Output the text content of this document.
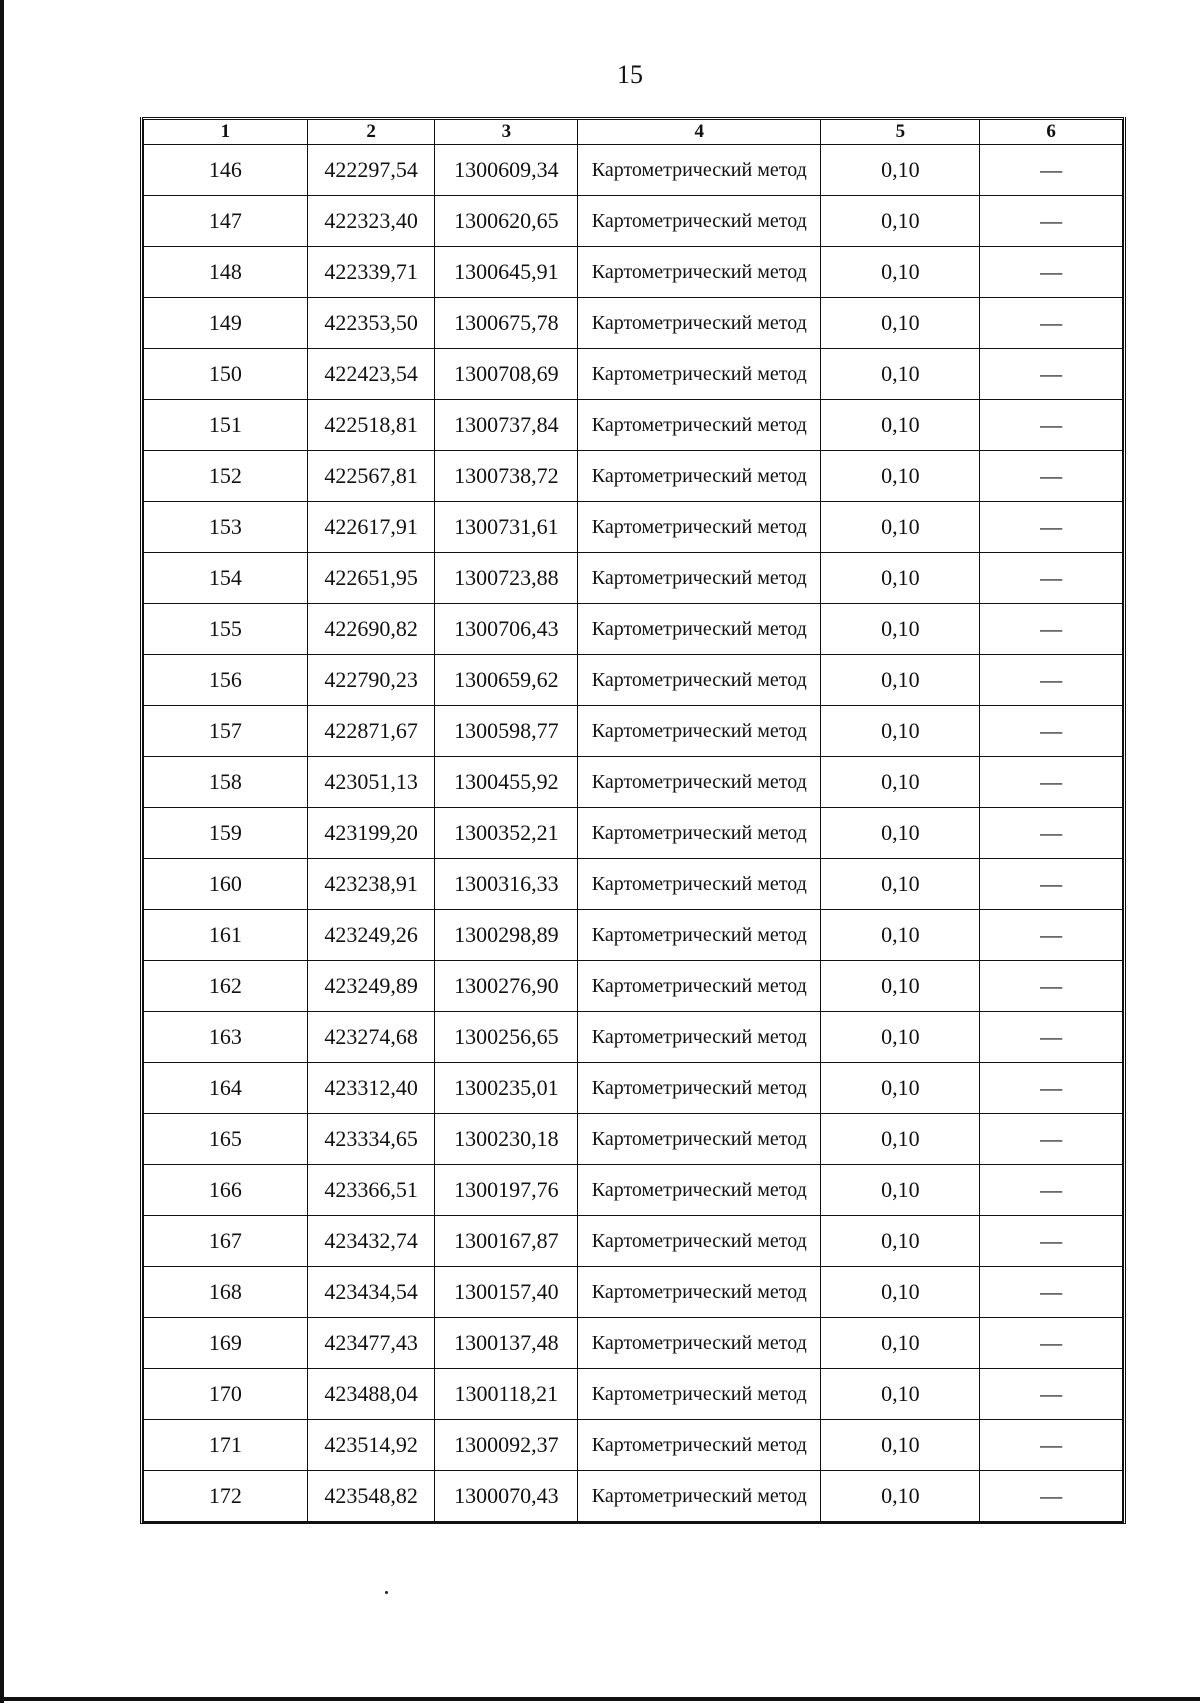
15
1	2	3	4	5	6
146	422297,54	1300609,34	Картометрический метод	0,10	—
147	422323,40	1300620,65	Картометрический метод	0,10	—
148	422339,71	1300645,91	Картометрический метод	0,10	—
149	422353,50	1300675,78	Картометрический метод	0,10	—
150	422423,54	1300708,69	Картометрический метод	0,10	—
151	422518,81	1300737,84	Картометрический метод	0,10	—
152	422567,81	1300738,72	Картометрический метод	0,10	—
153	422617,91	1300731,61	Картометрический метод	0,10	—
154	422651,95	1300723,88	Картометрический метод	0,10	—
155	422690,82	1300706,43	Картометрический метод	0,10	—
156	422790,23	1300659,62	Картометрический метод	0,10	—
157	422871,67	1300598,77	Картометрический метод	0,10	—
158	423051,13	1300455,92	Картометрический метод	0,10	—
159	423199,20	1300352,21	Картометрический метод	0,10	—
160	423238,91	1300316,33	Картометрический метод	0,10	—
161	423249,26	1300298,89	Картометрический метод	0,10	—
162	423249,89	1300276,90	Картометрический метод	0,10	—
163	423274,68	1300256,65	Картометрический метод	0,10	—
164	423312,40	1300235,01	Картометрический метод	0,10	—
165	423334,65	1300230,18	Картометрический метод	0,10	—
166	423366,51	1300197,76	Картометрический метод	0,10	—
167	423432,74	1300167,87	Картометрический метод	0,10	—
168	423434,54	1300157,40	Картометрический метод	0,10	—
169	423477,43	1300137,48	Картометрический метод	0,10	—
170	423488,04	1300118,21	Картометрический метод	0,10	—
171	423514,92	1300092,37	Картометрический метод	0,10	—
172	423548,82	1300070,43	Картометрический метод	0,10	—
